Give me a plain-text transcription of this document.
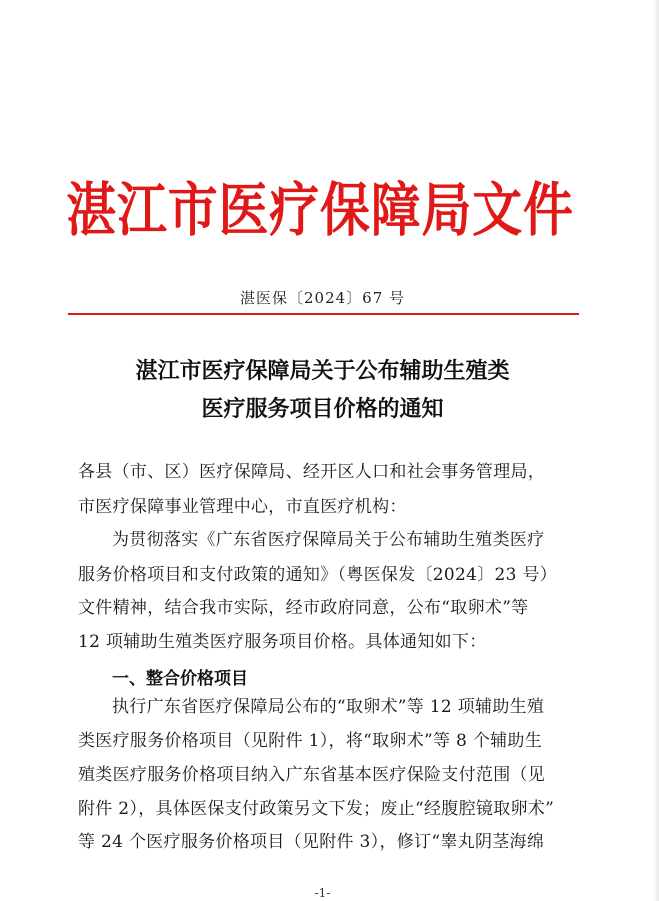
湛江市医疗保障局文件
湛医保〔2024〕67 号
湛江市医疗保障局关于公布辅助生殖类
医疗服务项目价格的通知
各县（市、区）医疗保障局、经开区人口和社会事务管理局，
市医疗保障事业管理中心，市直医疗机构：
为贯彻落实《广东省医疗保障局关于公布辅助生殖类医疗
服务价格项目和支付政策的通知》（粤医保发〔2024〕23 号）
文件精神，结合我市实际，经市政府同意，公布“取卵术”等
12 项辅助生殖类医疗服务项目价格。具体通知如下：
一、整合价格项目
执行广东省医疗保障局公布的“取卵术”等 12 项辅助生殖
类医疗服务价格项目（见附件 1），将“取卵术”等 8 个辅助生
殖类医疗服务价格项目纳入广东省基本医疗保险支付范围（见
附件 2），具体医保支付政策另文下发；废止“经腹腔镜取卵术”
等 24 个医疗服务价格项目（见附件 3），修订“睾丸阴茎海绵
-1-
